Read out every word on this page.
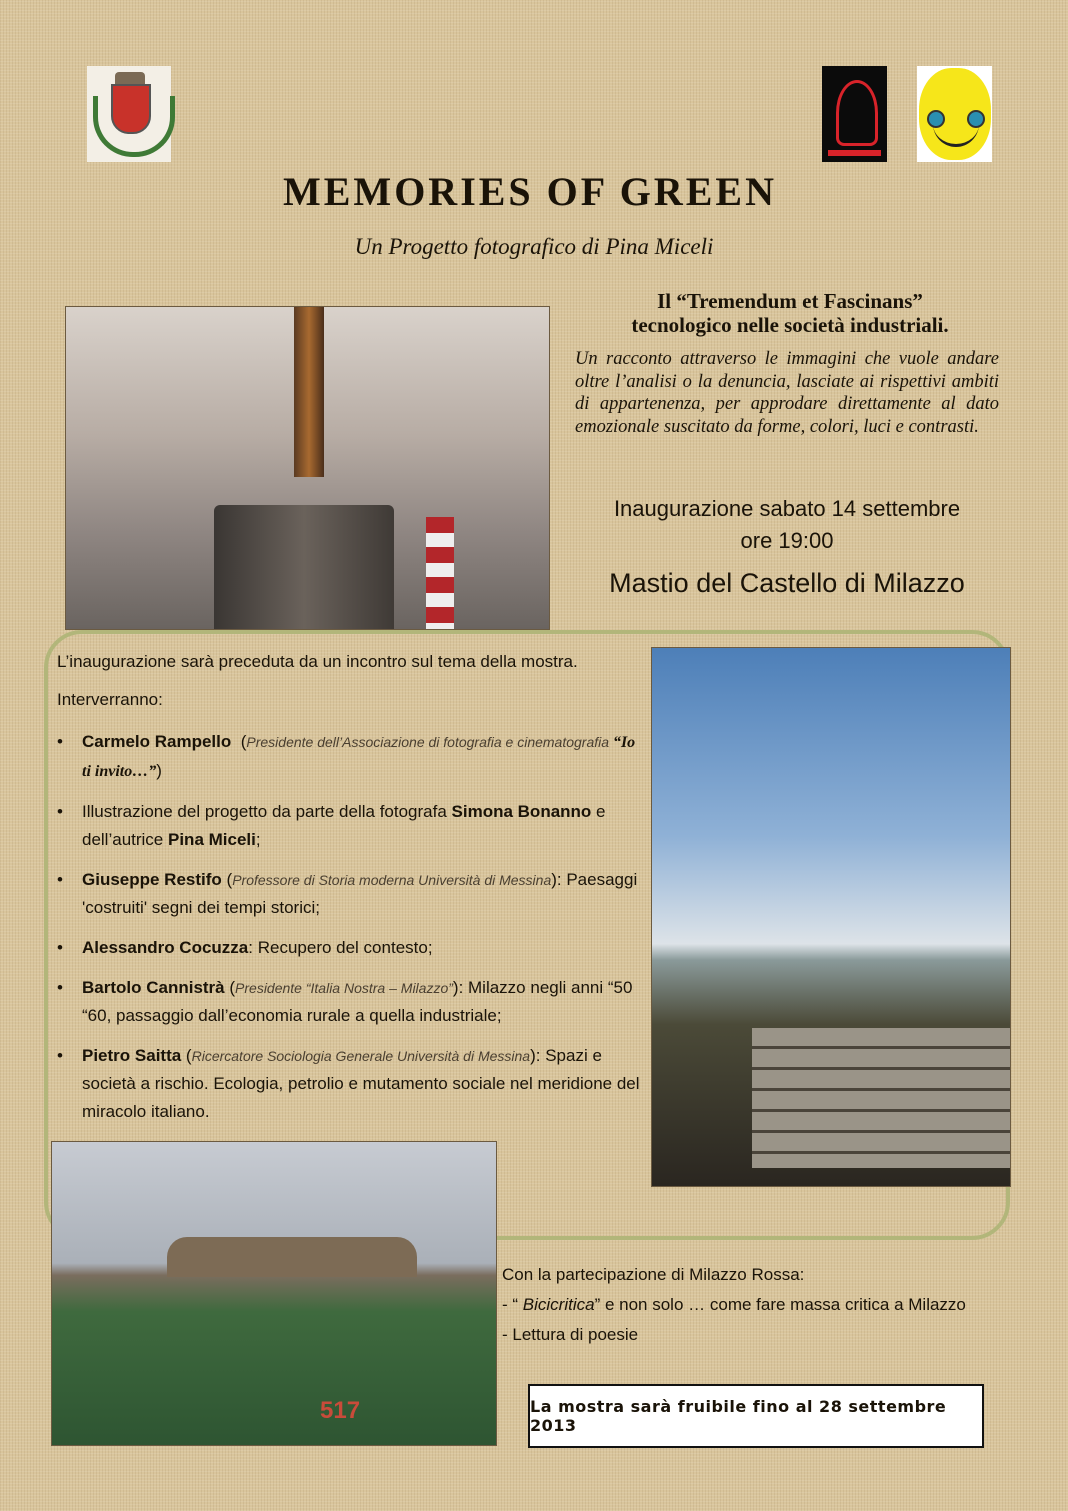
MEMORIES OF GREEN
Un Progetto fotografico di Pina Miceli
Il “Tremendum et Fascinans”
tecnologico nelle società industriali.
Un racconto attraverso le immagini che vuole andare oltre l’analisi o la denuncia, lasciate ai rispettivi ambiti di appartenenza, per approdare direttamente al dato emozionale suscitato da forme, colori, luci e contrasti.
Inaugurazione sabato 14 settembre
ore 19:00
Mastio del Castello di Milazzo
L’inaugurazione sarà preceduta da un incontro sul tema della mostra.
Interverranno:
• Carmelo Rampello (Presidente dell’Associazione di fotografia e cinematografia “Io ti invito…”)
• Illustrazione del progetto da parte della fotografa Simona Bonanno e dell’autrice Pina Miceli;
• Giuseppe Restifo (Professore di Storia moderna Università di Messina): Paesaggi 'costruiti' segni dei tempi storici;
• Alessandro Cocuzza: Recupero del contesto;
• Bartolo Cannistrà (Presidente “Italia Nostra – Milazzo”): Milazzo negli anni “50 “60, passaggio dall’economia rurale a quella industriale;
• Pietro Saitta (Ricercatore Sociologia Generale Università di Messina): Spazi e società a rischio. Ecologia, petrolio e mutamento sociale nel meridione del miracolo italiano.
517
Con la partecipazione di Milazzo Rossa:
- “ Bicicritica” e non solo … come fare massa critica a Milazzo
- Lettura di poesie
La mostra sarà fruibile fino al 28 settembre 2013
